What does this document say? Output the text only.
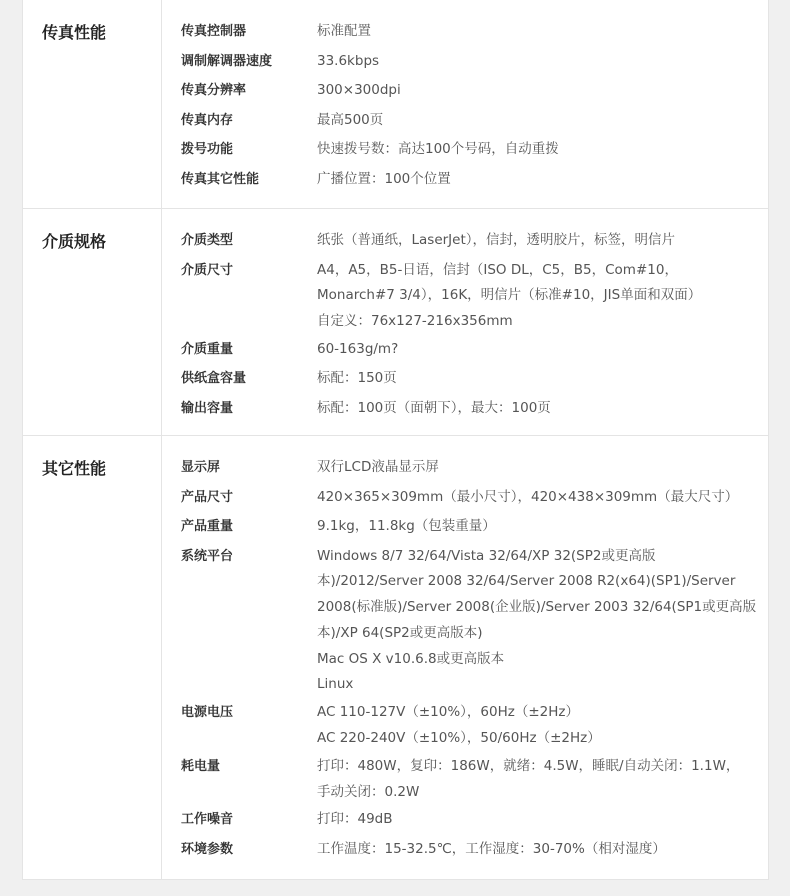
传真性能	传真控制器	标准配置
调制解调器速度	33.6kbps
传真分辨率	300×300dpi
传真内存	最高500页
拨号功能	快速拨号数：高达100个号码，自动重拨
传真其它性能	广播位置：100个位置
介质规格	介质类型	纸张（普通纸，LaserJet），信封，透明胶片，标签，明信片
介质尺寸	A4，A5，B5-日语，信封（ISO DL，C5，B5，Com#10，
Monarch#7 3/4），16K，明信片（标准#10，JIS单面和双面）
自定义：76x127-216x356mm
介质重量	60-163g/m?
供纸盒容量	标配：150页
输出容量	标配：100页（面朝下），最大：100页
其它性能	显示屏	双行LCD液晶显示屏
产品尺寸	420×365×309mm（最小尺寸），420×438×309mm（最大尺寸）
产品重量	9.1kg，11.8kg（包装重量）
系统平台	Windows 8/7 32/64/Vista 32/64/XP 32(SP2或更高版
本)/2012/Server 2008 32/64/Server 2008 R2(x64)(SP1)/Server
2008(标准版)/Server 2008(企业版)/Server 2003 32/64(SP1或更高版
本)/XP 64(SP2或更高版本)
Mac OS X v10.6.8或更高版本
Linux
电源电压	AC 110-127V（±10%），60Hz（±2Hz）
AC 220-240V（±10%），50/60Hz（±2Hz）
耗电量	打印：480W，复印：186W，就绪：4.5W，睡眠/自动关闭：1.1W，
手动关闭：0.2W
工作噪音	打印：49dB
环境参数	工作温度：15-32.5℃，工作湿度：30-70%（相对湿度）
